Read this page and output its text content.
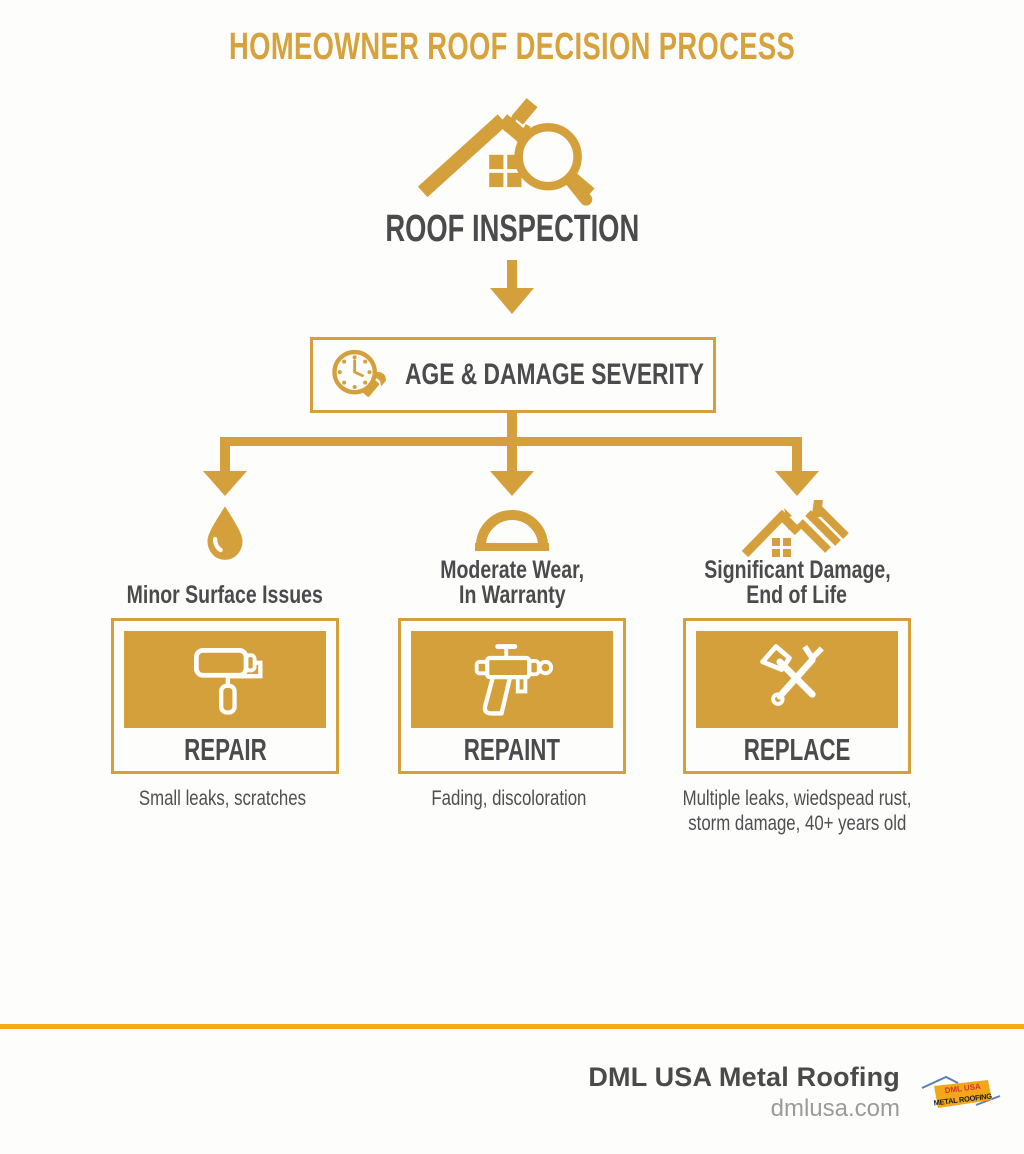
HOMEOWNER ROOF DECISION PROCESS
ROOF INSPECTION
AGE & DAMAGE SEVERITY
Minor Surface Issues
Moderate Wear,
In Warranty
Significant Damage,
End of Life
REPAIR	REPAINT	REPLACE
Small leaks, scratches	Fading, discoloration	Multiple leaks, wiedspead rust,
storm damage, 40+ years old
DML USA Metal Roofing
dmlusa.com
DML USA
METAL ROOFING
